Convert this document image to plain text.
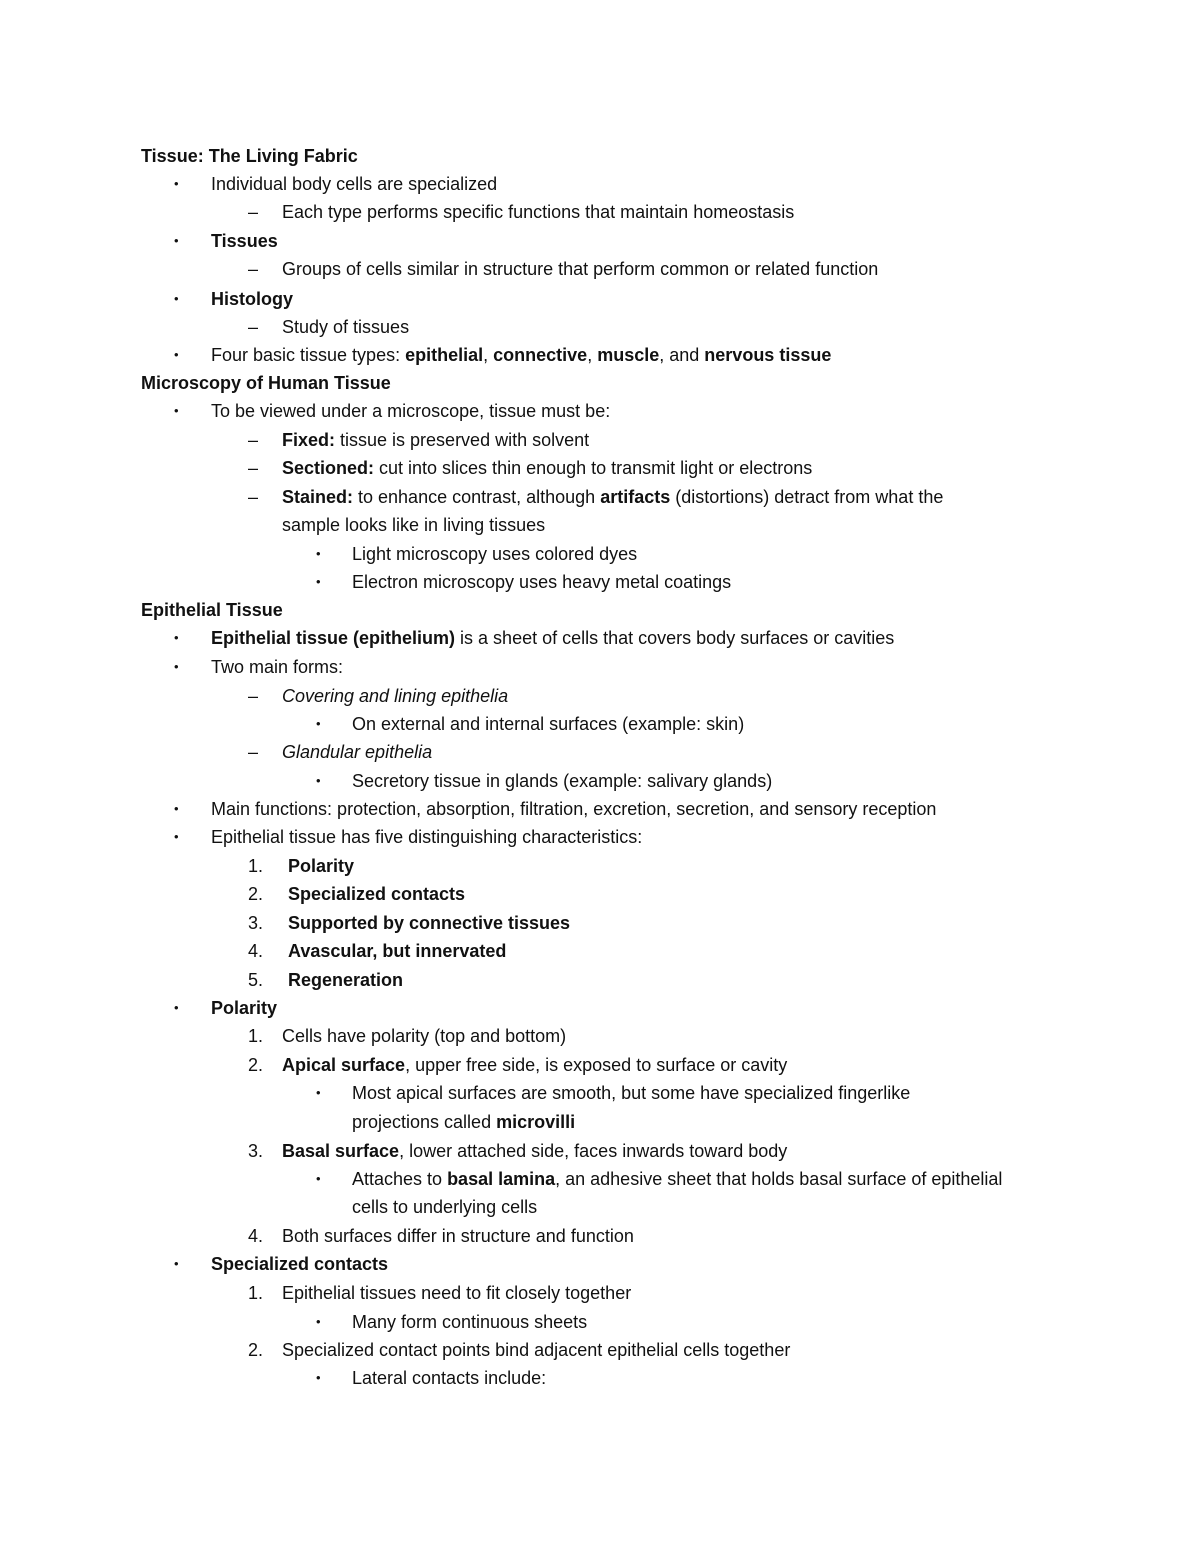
Tissue: The Living Fabric
• Individual body cells are specialized
– Each type performs specific functions that maintain homeostasis
• Tissues
– Groups of cells similar in structure that perform common or related function
• Histology
– Study of tissues
• Four basic tissue types: epithelial, connective, muscle, and nervous tissue
Microscopy of Human Tissue
• To be viewed under a microscope, tissue must be:
– Fixed: tissue is preserved with solvent
– Sectioned: cut into slices thin enough to transmit light or electrons
– Stained: to enhance contrast, although artifacts (distortions) detract from what the
sample looks like in living tissues
• Light microscopy uses colored dyes
• Electron microscopy uses heavy metal coatings
Epithelial Tissue
• Epithelial tissue (epithelium) is a sheet of cells that covers body surfaces or cavities
• Two main forms:
– Covering and lining epithelia
• On external and internal surfaces (example: skin)
– Glandular epithelia
• Secretory tissue in glands (example: salivary glands)
• Main functions: protection, absorption, filtration, excretion, secretion, and sensory reception
• Epithelial tissue has five distinguishing characteristics:
1. Polarity
2. Specialized contacts
3. Supported by connective tissues
4. Avascular, but innervated
5. Regeneration
• Polarity
1. Cells have polarity (top and bottom)
2. Apical surface, upper free side, is exposed to surface or cavity
• Most apical surfaces are smooth, but some have specialized fingerlike
projections called microvilli
3. Basal surface, lower attached side, faces inwards toward body
• Attaches to basal lamina, an adhesive sheet that holds basal surface of epithelial
cells to underlying cells
4. Both surfaces differ in structure and function
• Specialized contacts
1. Epithelial tissues need to fit closely together
• Many form continuous sheets
2. Specialized contact points bind adjacent epithelial cells together
• Lateral contacts include:
